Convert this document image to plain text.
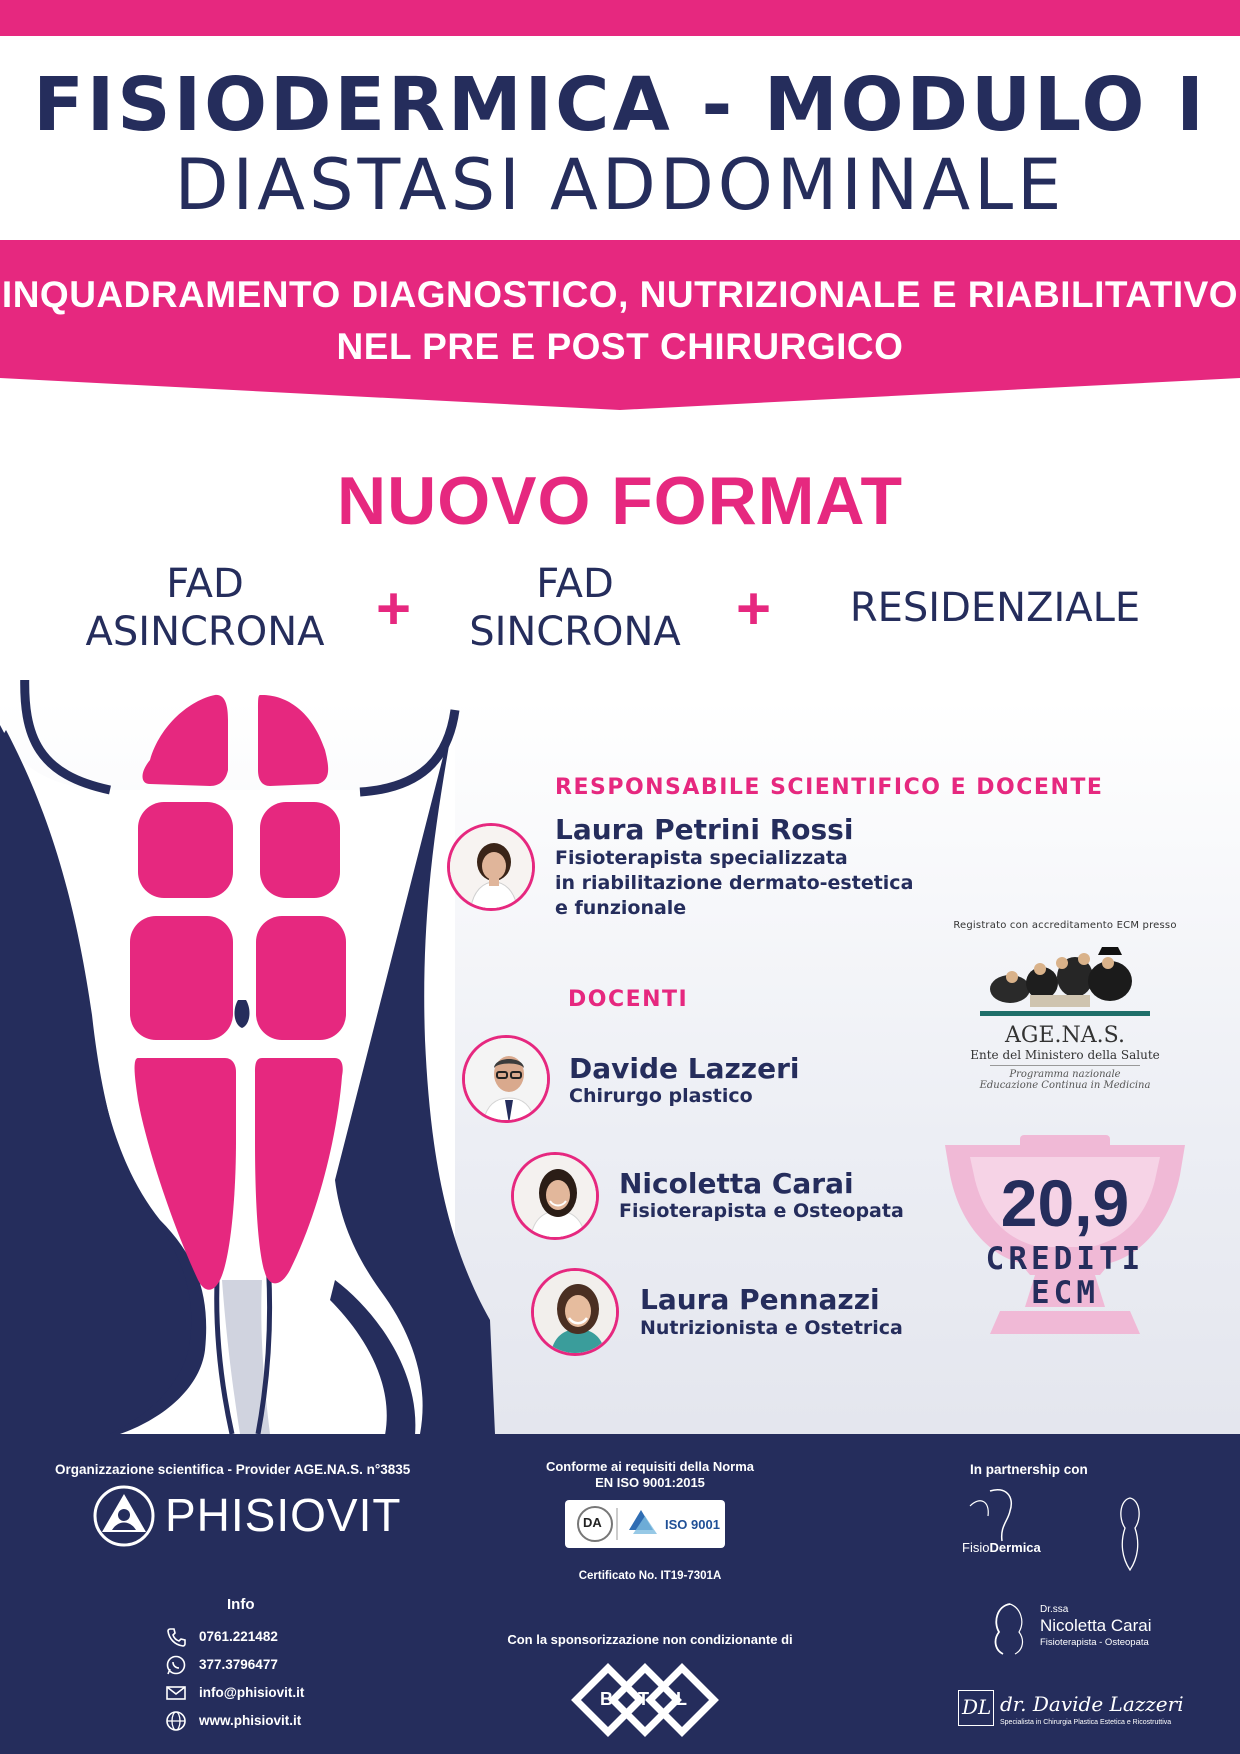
FISIODERMICA - MODULO I
DIASTASI ADDOMINALE
INQUADRAMENTO DIAGNOSTICO, NUTRIZIONALE E RIABILITATIVO
NEL PRE E POST CHIRURGICO
NUOVO FORMAT
FAD
ASINCRONA +	FAD
SINCRONA + RESIDENZIALE
RESPONSABILE SCIENTIFICO E DOCENTE
Laura Petrini Rossi
Fisioterapista specializzata
in riabilitazione dermato-estetica
e funzionale
DOCENTI
Davide Lazzeri
Chirurgo plastico
Nicoletta Carai
Fisioterapista e Osteopata
Laura Pennazzi
Nutrizionista e Ostetrica
Registrato con accreditamento ECM presso
AGE.NA.S.
Ente del Ministero della Salute
Programma nazionale
Educazione Continua in Medicina
20,9
CREDITI
ECM
Organizzazione scientifica - Provider AGE.NA.S. n°3835
PHISIOVIT
Conforme ai requisiti della Norma
EN ISO 9001:2015
DA	ISO 9001
Certificato No. IT19-7301A
In partnership con
FisioDermica
Dr.ssa
Nicoletta Carai
Fisioterapista - Osteopata
DL dr. Davide Lazzeri
Specialista in Chirurgia Plastica Estetica e Ricostruttiva
Info
0761.221482
377.3796477
info@phisiovit.it
www.phisiovit.it
Con la sponsorizzazione non condizionante di
B T L
